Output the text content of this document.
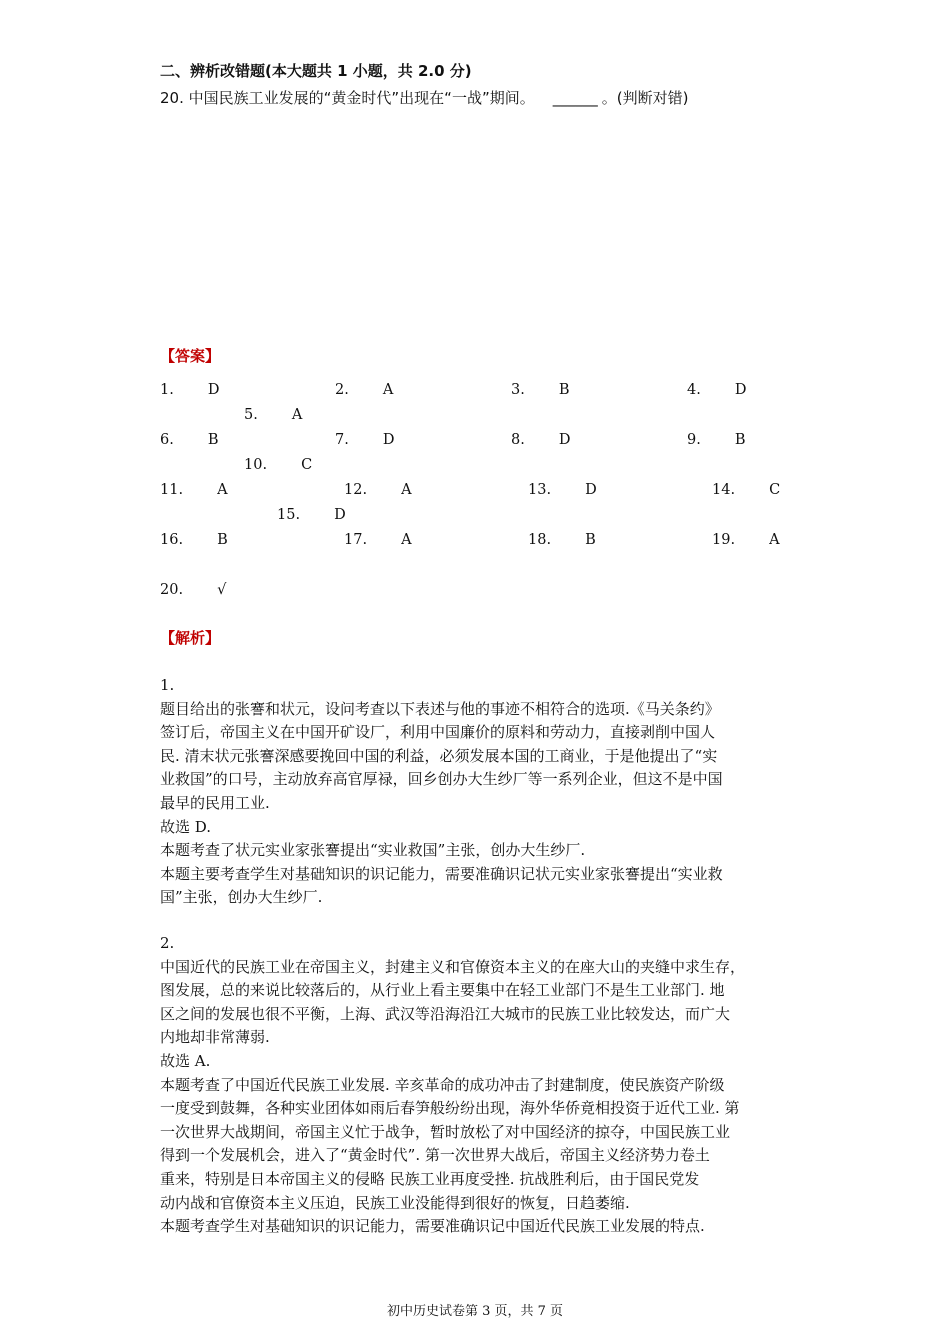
二、辨析改错题(本大题共 1 小题，共 2.0 分)
20. 中国民族工业发展的“黄金时代”出现在“一战”期间。 ______ 。(判断对错)
【答案】
1. D	2. A	3. B	4. D
5. A
6. B	7. D	8. D	9. B
10. C
11. A	12. A	13. D	14. C
15. D
16. B	17. A	18. B	19. A
20. √
【解析】

1.

题目给出的张謇和状元，设问考查以下表述与他的事迹不相符合的选项.《马关条约》

签订后，帝国主义在中国开矿设厂，利用中国廉价的原料和劳动力，直接剥削中国人

民. 清末状元张謇深感要挽回中国的利益，必须发展本国的工商业，于是他提出了“实

业救国”的口号，主动放弃高官厚禄，回乡创办大生纱厂等一系列企业，但这不是中国

最早的民用工业.

故选 D.

本题考查了状元实业家张謇提出“实业救国”主张，创办大生纱厂.

本题主要考查学生对基础知识的识记能力，需要准确识记状元实业家张謇提出“实业救

国”主张，创办大生纱厂.

2.

中国近代的民族工业在帝国主义，封建主义和官僚资本主义的在座大山的夹缝中求生存，

图发展，总的来说比较落后的，从行业上看主要集中在轻工业部门不是生工业部门. 地

区之间的发展也很不平衡，上海、武汉等沿海沿江大城市的民族工业比较发达，而广大

内地却非常薄弱.

故选 A.

本题考查了中国近代民族工业发展. 辛亥革命的成功冲击了封建制度，使民族资产阶级

一度受到鼓舞，各种实业团体如雨后春笋般纷纷出现，海外华侨竟相投资于近代工业. 第

一次世界大战期间，帝国主义忙于战争，暂时放松了对中国经济的掠夺，中国民族工业

得到一个发展机会，进入了“黄金时代”. 第一次世界大战后，帝国主义经济势力卷土

重来，特别是日本帝国主义的侵略 民族工业再度受挫. 抗战胜利后，由于国民党发

动内战和官僚资本主义压迫，民族工业没能得到很好的恢复，日趋萎缩.

本题考查学生对基础知识的识记能力，需要准确识记中国近代民族工业发展的特点.

初中历史试卷第 3 页，共 7 页
